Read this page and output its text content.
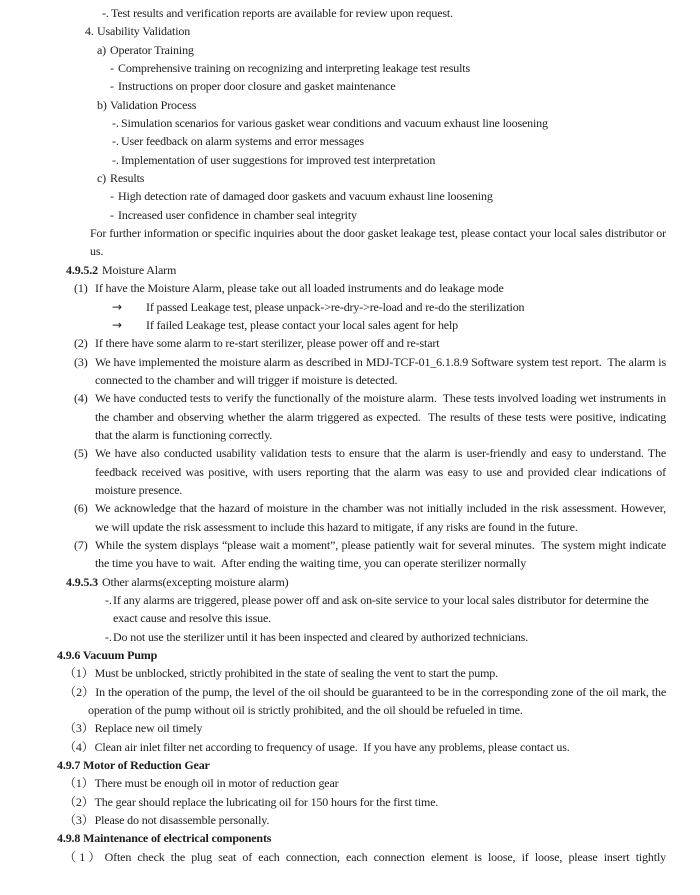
-. Test results and verification reports are available for review upon request.
4. Usability Validation
a) Operator Training
- Comprehensive training on recognizing and interpreting leakage test results
- Instructions on proper door closure and gasket maintenance
b) Validation Process
-. Simulation scenarios for various gasket wear conditions and vacuum exhaust line loosening
-. User feedback on alarm systems and error messages
-. Implementation of user suggestions for improved test interpretation
c) Results
- High detection rate of damaged door gaskets and vacuum exhaust line loosening
- Increased user confidence in chamber seal integrity
For further information or specific inquiries about the door gasket leakage test, please contact your local sales distributor or us.
4.9.5.2 Moisture Alarm
(1) If have the Moisture Alarm, please take out all loaded instruments and do leakage mode
→ If passed Leakage test, please unpack->re-dry->re-load and re-do the sterilization
→ If failed Leakage test, please contact your local sales agent for help
(2) If there have some alarm to re-start sterilizer, please power off and re-start
(3) We have implemented the moisture alarm as described in MDJ-TCF-01_6.1.8.9 Software system test report.  The alarm is connected to the chamber and will trigger if moisture is detected.
(4) We have conducted tests to verify the functionally of the moisture alarm.  These tests involved loading wet instruments in the chamber and observing whether the alarm triggered as expected.  The results of these tests were positive, indicating that the alarm is functioning correctly.
(5) We have also conducted usability validation tests to ensure that the alarm is user-friendly and easy to understand. The feedback received was positive, with users reporting that the alarm was easy to use and provided clear indications of moisture presence.
(6) We acknowledge that the hazard of moisture in the chamber was not initially included in the risk assessment. However, we will update the risk assessment to include this hazard to mitigate, if any risks are found in the future.
(7) While the system displays “please wait a moment”, please patiently wait for several minutes.  The system might indicate the time you have to wait.  After ending the waiting time, you can operate sterilizer normally
4.9.5.3 Other alarms(excepting moisture alarm)
-. If any alarms are triggered, please power off and ask on-site service to your local sales distributor for determine the exact cause and resolve this issue.
-. Do not use the sterilizer until it has been inspected and cleared by authorized technicians.
4.9.6 Vacuum Pump
（1）Must be unblocked, strictly prohibited in the state of sealing the vent to start the pump.
（2）In the operation of the pump, the level of the oil should be guaranteed to be in the corresponding zone of the oil mark, the operation of the pump without oil is strictly prohibited, and the oil should be refueled in time.
（3）Replace new oil timely
（4）Clean air inlet filter net according to frequency of usage.  If you have any problems, please contact us.
4.9.7 Motor of Reduction Gear
（1）There must be enough oil in motor of reduction gear
（2）The gear should replace the lubricating oil for 150 hours for the first time.
（3）Please do not disassemble personally.
4.9.8 Maintenance of electrical components
（1）Often check the plug seat of each connection, each connection element is loose, if loose, please insert tightly
